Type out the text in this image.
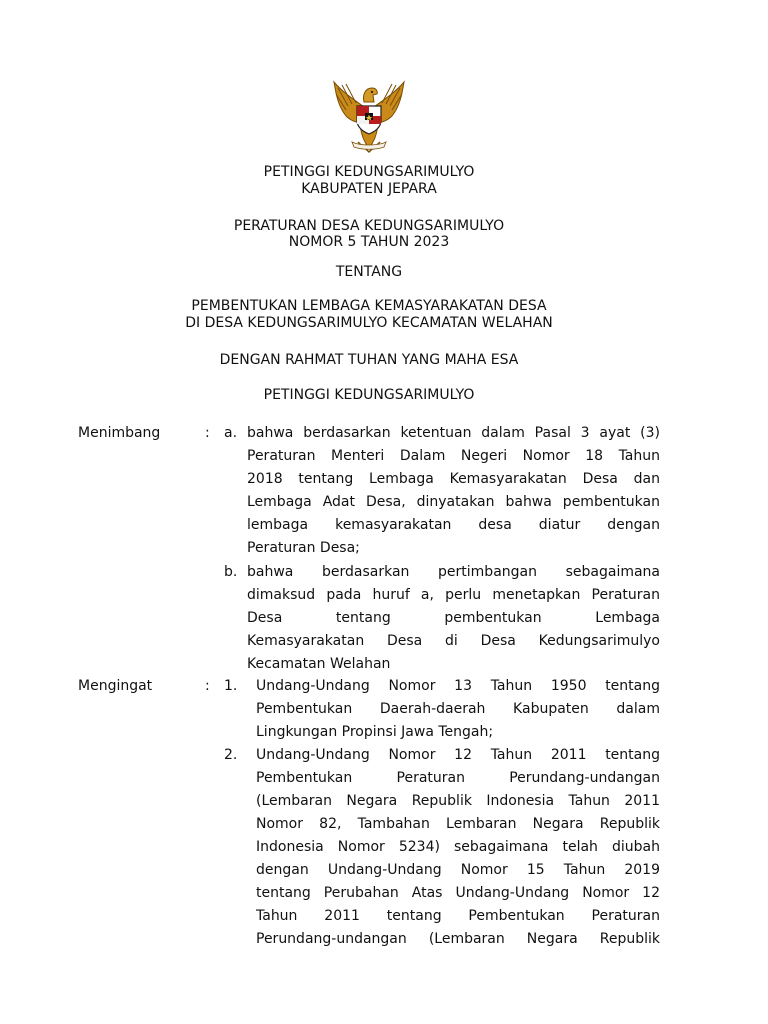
PETINGGI KEDUNGSARIMULYO
KABUPATEN JEPARA
PERATURAN DESA KEDUNGSARIMULYO
NOMOR 5 TAHUN 2023
TENTANG
PEMBENTUKAN LEMBAGA KEMASYARAKATAN DESA
DI DESA KEDUNGSARIMULYO KECAMATAN WELAHAN
DENGAN RAHMAT TUHAN YANG MAHA ESA
PETINGGI KEDUNGSARIMULYO
Menimbang	: a. bahwa berdasarkan ketentuan dalam Pasal 3 ayat (3)
Peraturan Menteri Dalam Negeri Nomor 18 Tahun
2018 tentang Lembaga Kemasyarakatan Desa dan
Lembaga Adat Desa, dinyatakan bahwa pembentukan
lembaga kemasyarakatan desa diatur dengan
Peraturan Desa;
b. bahwa berdasarkan pertimbangan sebagaimana
dimaksud pada huruf a, perlu menetapkan Peraturan
Desa tentang pembentukan Lembaga
Kemasyarakatan Desa di Desa Kedungsarimulyo
Kecamatan Welahan
Mengingat	: 1. Undang-Undang Nomor 13 Tahun 1950 tentang
Pembentukan Daerah-daerah Kabupaten dalam
Lingkungan Propinsi Jawa Tengah;
2. Undang-Undang Nomor 12 Tahun 2011 tentang
Pembentukan Peraturan Perundang-undangan
(Lembaran Negara Republik Indonesia Tahun 2011
Nomor 82, Tambahan Lembaran Negara Republik
Indonesia Nomor 5234) sebagaimana telah diubah
dengan Undang-Undang Nomor 15 Tahun 2019
tentang Perubahan Atas Undang-Undang Nomor 12
Tahun 2011 tentang Pembentukan Peraturan
Perundang-undangan (Lembaran Negara Republik
